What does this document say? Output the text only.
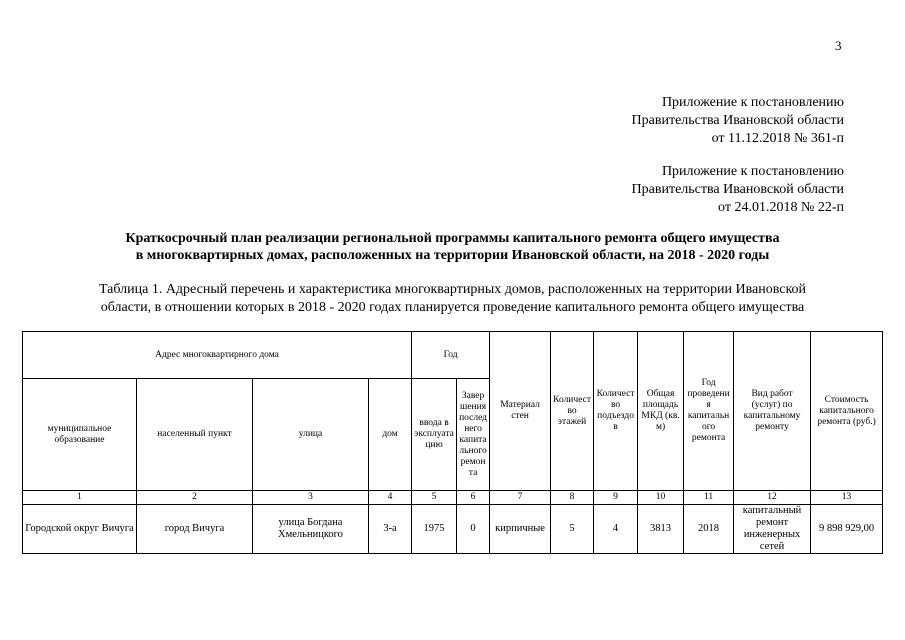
3
Приложение к постановлению
Правительства Ивановской области
от 11.12.2018 № 361-п
Приложение к постановлению
Правительства Ивановской области
от 24.01.2018 № 22-п
Краткосрочный план реализации региональной программы капитального ремонта общего имущества
в многоквартирных домах, расположенных на территории Ивановской области, на 2018 - 2020 годы
Таблица 1. Адресный перечень и характеристика многоквартирных домов, расположенных на территории Ивановской
области, в отношении которых в 2018 - 2020 годах планируется проведение капитального ремонта общего имущества
Адрес многоквартирного дома				Год		Материал стен	Количество этажей	Количество подъездов	Общая площадь МКД (кв. м)	Год проведения капитального ремонта	Вид работ (услуг) по капитальному ремонту	Стоимость капитального ремонта (руб.)
муниципальное образование	населенный пункт	улица	дом	ввода в эксплуатацию	Завершения последнего капитального ремонта							
1	2	3	4	5	6	7	8	9	10	11	12	13
Городской округ Вичуга	город Вичуга	улица Богдана Хмельницкого	3-а	1975	0	кирпичные	5	4	3813	2018	капитальный ремонт инженерных сетей	9 898 929,00
